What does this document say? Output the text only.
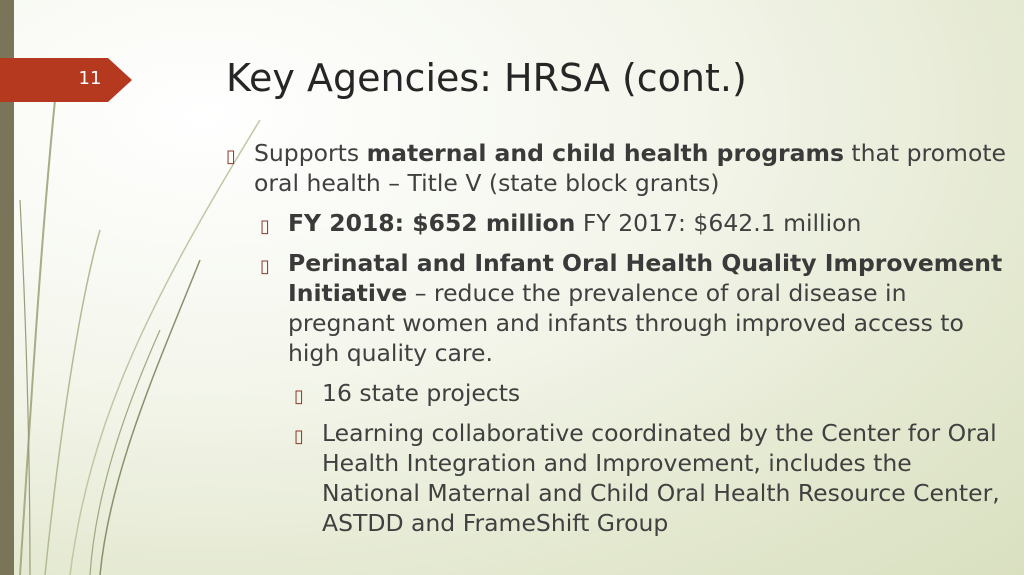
11	Key Agencies: HRSA (cont.)
▯ Supports maternal and child health programs that promote oral health – Title V (state block grants)
▯ FY 2018: $652 million FY 2017: $642.1 million
▯ Perinatal and Infant Oral Health Quality Improvement Initiative – reduce the prevalence of oral disease in pregnant women and infants through improved access to high quality care.
▯ 16 state projects
▯ Learning collaborative coordinated by the Center for Oral Health Integration and Improvement, includes the National Maternal and Child Oral Health Resource Center, ASTDD and FrameShift Group
